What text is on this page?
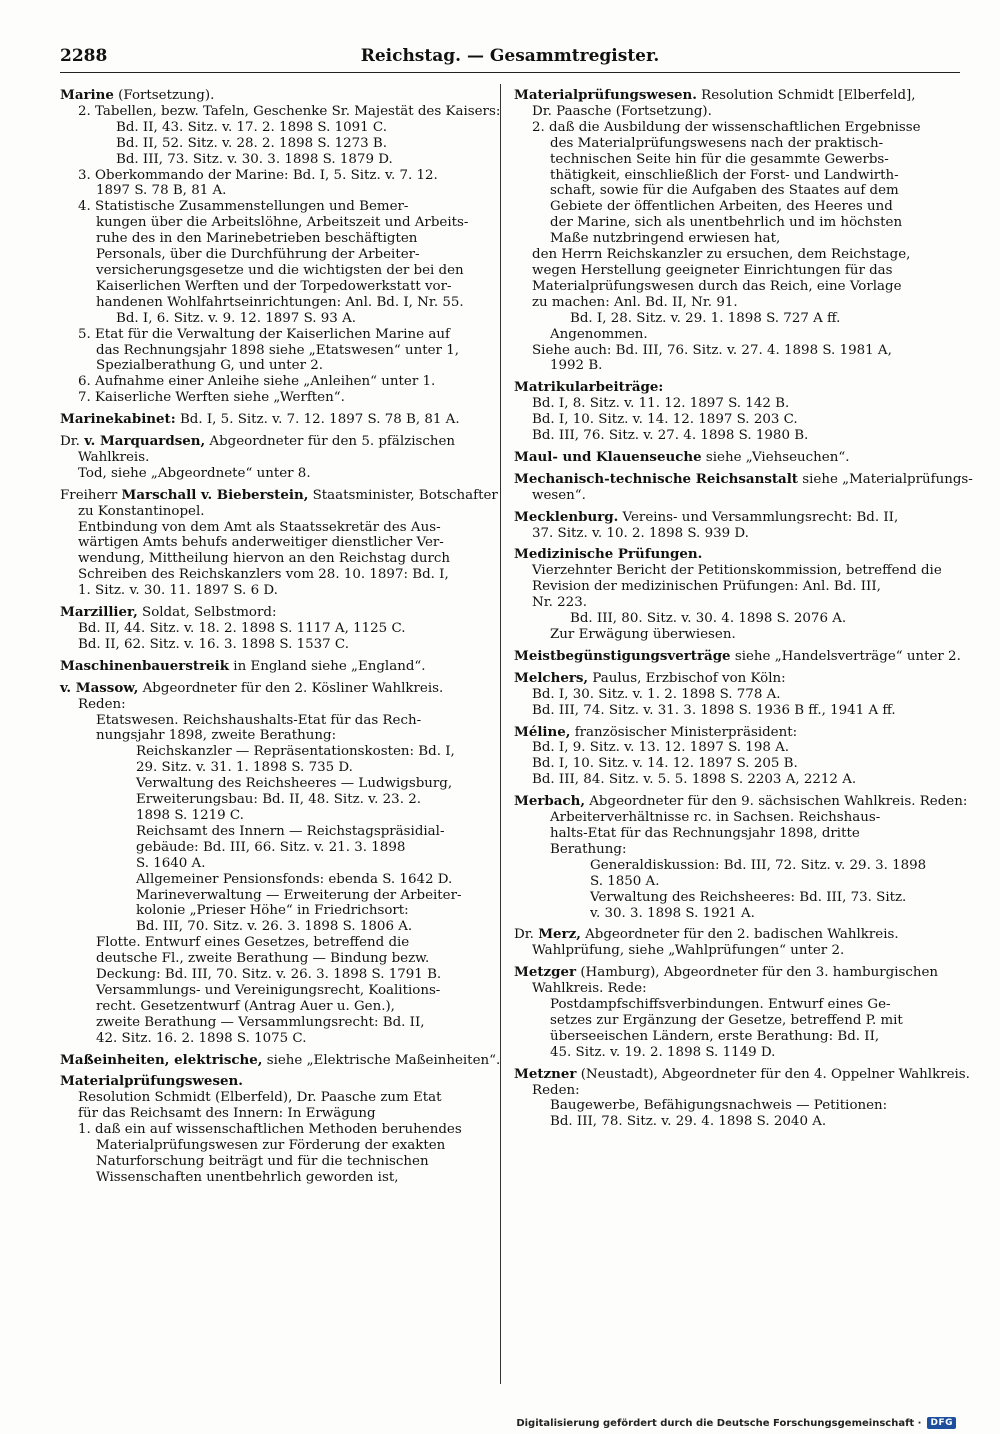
2288	Reichstag. — Gesammtregister.
Marine (Fortsetzung).
2. Tabellen, bezw. Tafeln, Geschenke Sr. Majestät des Kaisers:
Bd. II, 43. Sitz. v. 17. 2. 1898 S. 1091 C.
Bd. II, 52. Sitz. v. 28. 2. 1898 S. 1273 B.
Bd. III, 73. Sitz. v. 30. 3. 1898 S. 1879 D.
3. Oberkommando der Marine: Bd. I, 5. Sitz. v. 7. 12.
1897 S. 78 B, 81 A.
4. Statistische Zusammenstellungen und Bemer-
kungen über die Arbeitslöhne, Arbeitszeit und Arbeits-
ruhe des in den Marinebetrieben beschäftigten
Personals, über die Durchführung der Arbeiter-
versicherungsgesetze und die wichtigsten der bei den
Kaiserlichen Werften und der Torpedowerkstatt vor-
handenen Wohlfahrtseinrichtungen: Anl. Bd. I, Nr. 55.
Bd. I, 6. Sitz. v. 9. 12. 1897 S. 93 A.
5. Etat für die Verwaltung der Kaiserlichen Marine auf
das Rechnungsjahr 1898 siehe „Etatswesen“ unter 1,
Spezialberathung G, und unter 2.
6. Aufnahme einer Anleihe siehe „Anleihen“ unter 1.
7. Kaiserliche Werften siehe „Werften“.
Marinekabinet: Bd. I, 5. Sitz. v. 7. 12. 1897 S. 78 B, 81 A.
Dr. v. Marquardsen, Abgeordneter für den 5. pfälzischen
Wahlkreis.
Tod, siehe „Abgeordnete“ unter 8.
Freiherr Marschall v. Bieberstein, Staatsminister, Botschafter
zu Konstantinopel.
Entbindung von dem Amt als Staatssekretär des Aus-
wärtigen Amts behufs anderweitiger dienstlicher Ver-
wendung, Mittheilung hiervon an den Reichstag durch
Schreiben des Reichskanzlers vom 28. 10. 1897: Bd. I,
1. Sitz. v. 30. 11. 1897 S. 6 D.
Marzillier, Soldat, Selbstmord:
Bd. II, 44. Sitz. v. 18. 2. 1898 S. 1117 A, 1125 C.
Bd. II, 62. Sitz. v. 16. 3. 1898 S. 1537 C.
Maschinenbauerstreik in England siehe „England“.
v. Massow, Abgeordneter für den 2. Kösliner Wahlkreis.
Reden:
Etatswesen. Reichshaushalts-Etat für das Rech-
nungsjahr 1898, zweite Berathung:
Reichskanzler — Repräsentationskosten: Bd. I,
29. Sitz. v. 31. 1. 1898 S. 735 D.
Verwaltung des Reichsheeres — Ludwigsburg,
Erweiterungsbau: Bd. II, 48. Sitz. v. 23. 2.
1898 S. 1219 C.
Reichsamt des Innern — Reichstagspräsidial-
gebäude: Bd. III, 66. Sitz. v. 21. 3. 1898
S. 1640 A.
Allgemeiner Pensionsfonds: ebenda S. 1642 D.
Marineverwaltung — Erweiterung der Arbeiter-
kolonie „Prieser Höhe“ in Friedrichsort:
Bd. III, 70. Sitz. v. 26. 3. 1898 S. 1806 A.
Flotte. Entwurf eines Gesetzes, betreffend die
deutsche Fl., zweite Berathung — Bindung bezw.
Deckung: Bd. III, 70. Sitz. v. 26. 3. 1898 S. 1791 B.
Versammlungs- und Vereinigungsrecht, Koalitions-
recht. Gesetzentwurf (Antrag Auer u. Gen.),
zweite Berathung — Versammlungsrecht: Bd. II,
42. Sitz. 16. 2. 1898 S. 1075 C.
Maßeinheiten, elektrische, siehe „Elektrische Maßeinheiten“.
Materialprüfungswesen.
Resolution Schmidt (Elberfeld), Dr. Paasche zum Etat
für das Reichsamt des Innern: In Erwägung
1. daß ein auf wissenschaftlichen Methoden beruhendes
Materialprüfungswesen zur Förderung der exakten
Naturforschung beiträgt und für die technischen
Wissenschaften unentbehrlich geworden ist,
Materialprüfungswesen. Resolution Schmidt [Elberfeld],
Dr. Paasche (Fortsetzung).
2. daß die Ausbildung der wissenschaftlichen Ergebnisse
des Materialprüfungswesens nach der praktisch-
technischen Seite hin für die gesammte Gewerbs-
thätigkeit, einschließlich der Forst- und Landwirth-
schaft, sowie für die Aufgaben des Staates auf dem
Gebiete der öffentlichen Arbeiten, des Heeres und
der Marine, sich als unentbehrlich und im höchsten
Maße nutzbringend erwiesen hat,
den Herrn Reichskanzler zu ersuchen, dem Reichstage,
wegen Herstellung geeigneter Einrichtungen für das
Materialprüfungswesen durch das Reich, eine Vorlage
zu machen: Anl. Bd. II, Nr. 91.
Bd. I, 28. Sitz. v. 29. 1. 1898 S. 727 A ff.
Angenommen.
Siehe auch: Bd. III, 76. Sitz. v. 27. 4. 1898 S. 1981 A,
1992 B.
Matrikularbeiträge:
Bd. I, 8. Sitz. v. 11. 12. 1897 S. 142 B.
Bd. I, 10. Sitz. v. 14. 12. 1897 S. 203 C.
Bd. III, 76. Sitz. v. 27. 4. 1898 S. 1980 B.
Maul- und Klauenseuche siehe „Viehseuchen“.
Mechanisch-technische Reichsanstalt siehe „Materialprüfungs-
wesen“.
Mecklenburg. Vereins- und Versammlungsrecht: Bd. II,
37. Sitz. v. 10. 2. 1898 S. 939 D.
Medizinische Prüfungen.
Vierzehnter Bericht der Petitionskommission, betreffend die
Revision der medizinischen Prüfungen: Anl. Bd. III,
Nr. 223.
Bd. III, 80. Sitz. v. 30. 4. 1898 S. 2076 A.
Zur Erwägung überwiesen.
Meistbegünstigungsverträge siehe „Handelsverträge“ unter 2.
Melchers, Paulus, Erzbischof von Köln:
Bd. I, 30. Sitz. v. 1. 2. 1898 S. 778 A.
Bd. III, 74. Sitz. v. 31. 3. 1898 S. 1936 B ff., 1941 A ff.
Méline, französischer Ministerpräsident:
Bd. I, 9. Sitz. v. 13. 12. 1897 S. 198 A.
Bd. I, 10. Sitz. v. 14. 12. 1897 S. 205 B.
Bd. III, 84. Sitz. v. 5. 5. 1898 S. 2203 A, 2212 A.
Merbach, Abgeordneter für den 9. sächsischen Wahlkreis. Reden:
Arbeiterverhältnisse rc. in Sachsen. Reichshaus-
halts-Etat für das Rechnungsjahr 1898, dritte
Berathung:
Generaldiskussion: Bd. III, 72. Sitz. v. 29. 3. 1898
S. 1850 A.
Verwaltung des Reichsheeres: Bd. III, 73. Sitz.
v. 30. 3. 1898 S. 1921 A.
Dr. Merz, Abgeordneter für den 2. badischen Wahlkreis.
Wahlprüfung, siehe „Wahlprüfungen“ unter 2.
Metzger (Hamburg), Abgeordneter für den 3. hamburgischen
Wahlkreis. Rede:
Postdampfschiffsverbindungen. Entwurf eines Ge-
setzes zur Ergänzung der Gesetze, betreffend P. mit
überseeischen Ländern, erste Berathung: Bd. II,
45. Sitz. v. 19. 2. 1898 S. 1149 D.
Metzner (Neustadt), Abgeordneter für den 4. Oppelner Wahlkreis.
Reden:
Baugewerbe, Befähigungsnachweis — Petitionen:
Bd. III, 78. Sitz. v. 29. 4. 1898 S. 2040 A.
Digitalisierung gefördert durch die Deutsche Forschungsgemeinschaft ·	DFG
